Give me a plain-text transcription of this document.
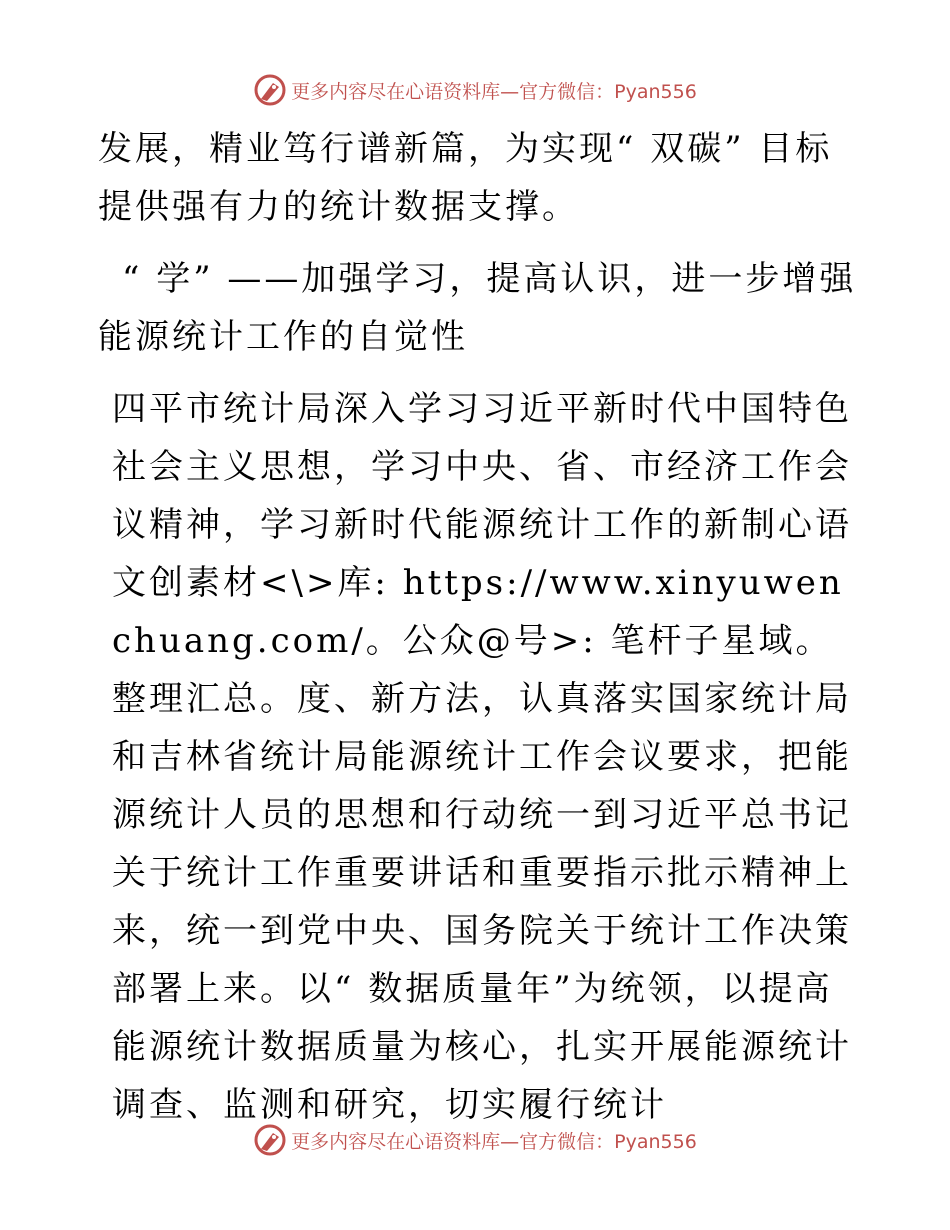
更多内容尽在心语资料库—官方微信：Pyan556

发展，精业笃行谱新篇，为实现“ 双碳” 目标提供强有力的统计数据支撑。

“ 学” ——加强学习，提高认识，进一步增强
能源统计工作的自觉性

四平市统计局深入学习习近平新时代中国特色社会主义思想，学习中央、省、市经济工作会议精神，学习新时代能源统计工作的新制心语文创素材<\>库: https://www.xinyuwenchuang.com/。公众@号>: 笔杆子星域。整理汇总。度、新方法，认真落实国家统计局和吉林省统计局能源统计工作会议要求，把能源统计人员的思想和行动统一到习近平总书记关于统计工作重要讲话和重要指示批示精神上来，统一到党中央、国务院关于统计工作决策部署上来。以“ 数据质量年”为统领，以提高能源统计数据质量为核心，扎实开展能源统计调查、监测和研究，切实履行统计

更多内容尽在心语资料库—官方微信：Pyan556
